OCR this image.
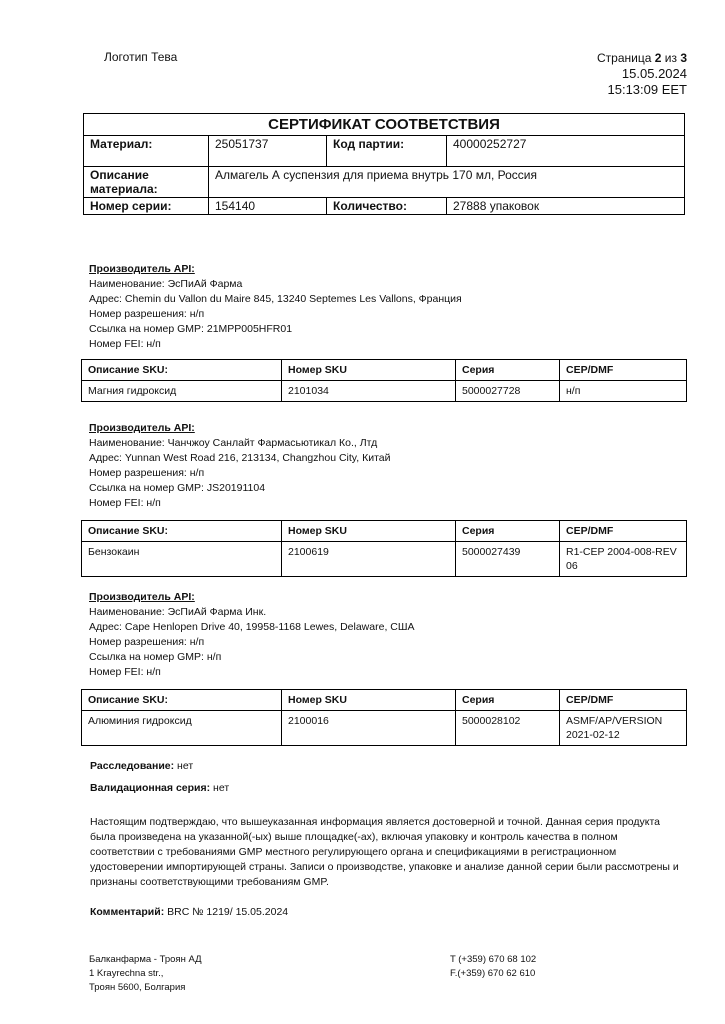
Логотип Тева	Страница 2 из 3
15.05.2024
15:13:09 EET
СЕРТИФИКАТ СООТВЕТСТВИЯ			
Материал:	25051737	Код партии:	40000252727
Описание материала:	Алмагель А суспензия для приема внутрь 170 мл, Россия		
Номер серии:	154140	Количество:	27888 упаковок
Производитель API:
Наименование: ЭсПиАй Фарма
Адрес: Chemin du Vallon du Maire 845, 13240 Septemes Les Vallons, Франция
Номер разрешения: н/п
Ссылка на номер GMP: 21MPP005HFR01
Номер FEI: н/п
Описание SKU:	Номер SKU	Серия	CEP/DMF
Магния гидроксид	2101034	5000027728	н/п
Производитель API:
Наименование: Чанчжоу Санлайт Фармасьютикал Ко., Лтд
Адрес: Yunnan West Road 216, 213134, Changzhou City, Китай
Номер разрешения: н/п
Ссылка на номер GMP: JS20191104
Номер FEI: н/п
Описание SKU:	Номер SKU	Серия	CEP/DMF
Бензокаин	2100619	5000027439	R1-CEP 2004-008-REV 06
Производитель API:
Наименование: ЭсПиАй Фарма Инк.
Адрес: Cape Henlopen Drive 40, 19958-1168 Lewes, Delaware, США
Номер разрешения: н/п
Ссылка на номер GMP: н/п
Номер FEI: н/п
Описание SKU:	Номер SKU	Серия	CEP/DMF
Алюминия гидроксид	2100016	5000028102	ASMF/AP/VERSION 2021-02-12
Расследование: нет
Валидационная серия: нет
Настоящим подтверждаю, что вышеуказанная информация является достоверной и точной. Данная серия продукта была произведена на указанной(-ых) выше площадке(-ах), включая упаковку и контроль качества в полном соответствии с требованиями GMP местного регулирующего органа и спецификациями в регистрационном удостоверении импортирующей страны. Записи о производстве, упаковке и анализе данной серии были рассмотрены и признаны соответствующими требованиям GMP.
Комментарий: BRC № 1219/ 15.05.2024
Балканфарма - Троян АД
1 Krayrechna str.,
Троян 5600, Болгария
T (+359) 670 68 102
F.(+359) 670 62 610
